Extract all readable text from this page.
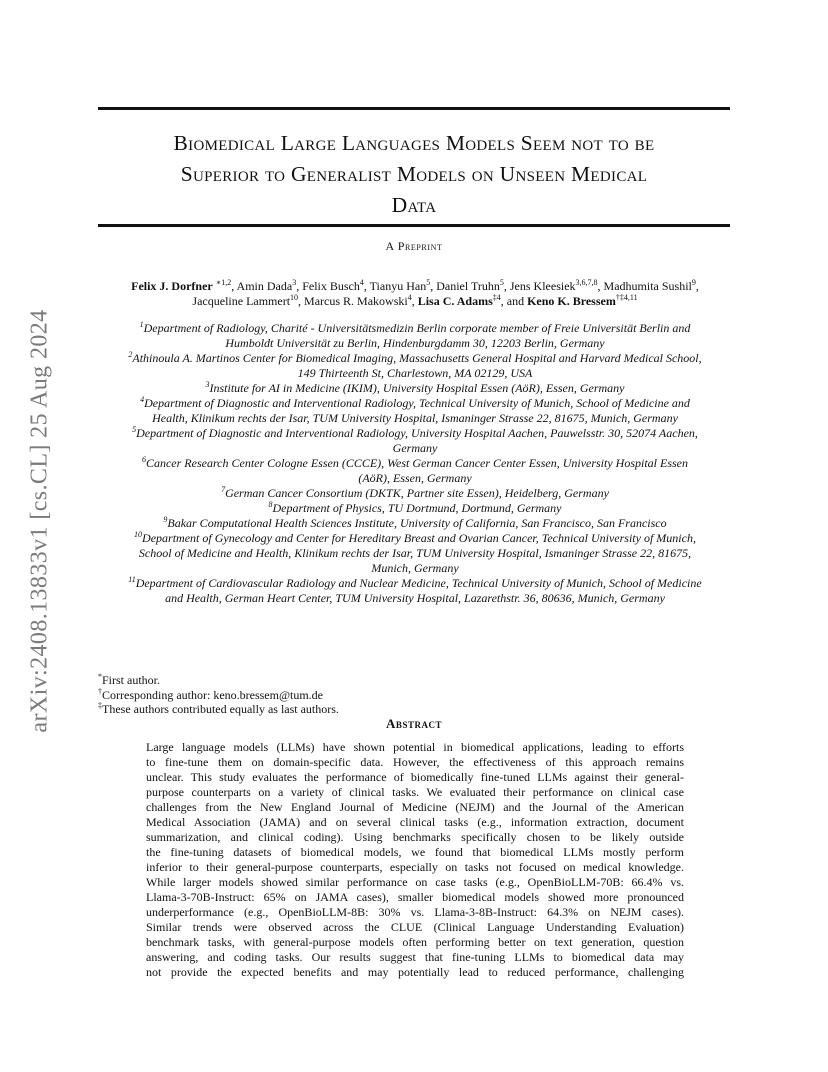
arXiv:2408.13833v1 [cs.CL] 25 Aug 2024
Biomedical Large Languages Models Seem not to be
Superior to Generalist Models on Unseen Medical
Data
A Preprint
Felix J. Dorfner $^{∗1,2}$, Amin Dada$^3$, Felix Busch$^4$, Tianyu Han$^5$, Daniel Truhn$^5$, Jens Kleesiek$^{3,6,7,8}$, Madhumita Sushil$^9$,
Jacqueline Lammert$^{10}$, Marcus R. Makowski$^4$, Lisa C. Adams$^{\ddagger 4}$, and Keno K. Bressem$^{\dagger\ddagger 4,11}$
$^1$Department of Radiology, Charité - Universitätsmedizin Berlin corporate member of Freie Universität Berlin and
Humboldt Universität zu Berlin, Hindenburgdamm 30, 12203 Berlin, Germany
$^2$Athinoula A. Martinos Center for Biomedical Imaging, Massachusetts General Hospital and Harvard Medical School,
149 Thirteenth St, Charlestown, MA 02129, USA
$^3$Institute for AI in Medicine (IKIM), University Hospital Essen (AöR), Essen, Germany
$^4$Department of Diagnostic and Interventional Radiology, Technical University of Munich, School of Medicine and
Health, Klinikum rechts der Isar, TUM University Hospital, Ismaninger Strasse 22, 81675, Munich, Germany
$^5$Department of Diagnostic and Interventional Radiology, University Hospital Aachen, Pauwelsstr. 30, 52074 Aachen,
Germany
$^6$Cancer Research Center Cologne Essen (CCCE), West German Cancer Center Essen, University Hospital Essen
(AöR), Essen, Germany
$^7$German Cancer Consortium (DKTK, Partner site Essen), Heidelberg, Germany
$^8$Department of Physics, TU Dortmund, Dortmund, Germany
$^9$Bakar Computational Health Sciences Institute, University of California, San Francisco, San Francisco
$^{10}$Department of Gynecology and Center for Hereditary Breast and Ovarian Cancer, Technical University of Munich,
School of Medicine and Health, Klinikum rechts der Isar, TUM University Hospital, Ismaninger Strasse 22, 81675,
Munich, Germany
$^{11}$Department of Cardiovascular Radiology and Nuclear Medicine, Technical University of Munich, School of Medicine
and Health, German Heart Center, TUM University Hospital, Lazarethstr. 36, 80636, Munich, Germany
*First author.
†Corresponding author: keno.bressem@tum.de
‡These authors contributed equally as last authors.
Abstract
Large language models (LLMs) have shown potential in biomedical applications, leading to efforts
to fine-tune them on domain-specific data. However, the effectiveness of this approach remains
unclear. This study evaluates the performance of biomedically fine-tuned LLMs against their general-
purpose counterparts on a variety of clinical tasks. We evaluated their performance on clinical case
challenges from the New England Journal of Medicine (NEJM) and the Journal of the American
Medical Association (JAMA) and on several clinical tasks (e.g., information extraction, document
summarization, and clinical coding). Using benchmarks specifically chosen to be likely outside
the fine-tuning datasets of biomedical models, we found that biomedical LLMs mostly perform
inferior to their general-purpose counterparts, especially on tasks not focused on medical knowledge.
While larger models showed similar performance on case tasks (e.g., OpenBioLLM-70B: 66.4% vs.
Llama-3-70B-Instruct: 65% on JAMA cases), smaller biomedical models showed more pronounced
underperformance (e.g., OpenBioLLM-8B: 30% vs. Llama-3-8B-Instruct: 64.3% on NEJM cases).
Similar trends were observed across the CLUE (Clinical Language Understanding Evaluation)
benchmark tasks, with general-purpose models often performing better on text generation, question
answering, and coding tasks. Our results suggest that fine-tuning LLMs to biomedical data may
not provide the expected benefits and may potentially lead to reduced performance, challenging
